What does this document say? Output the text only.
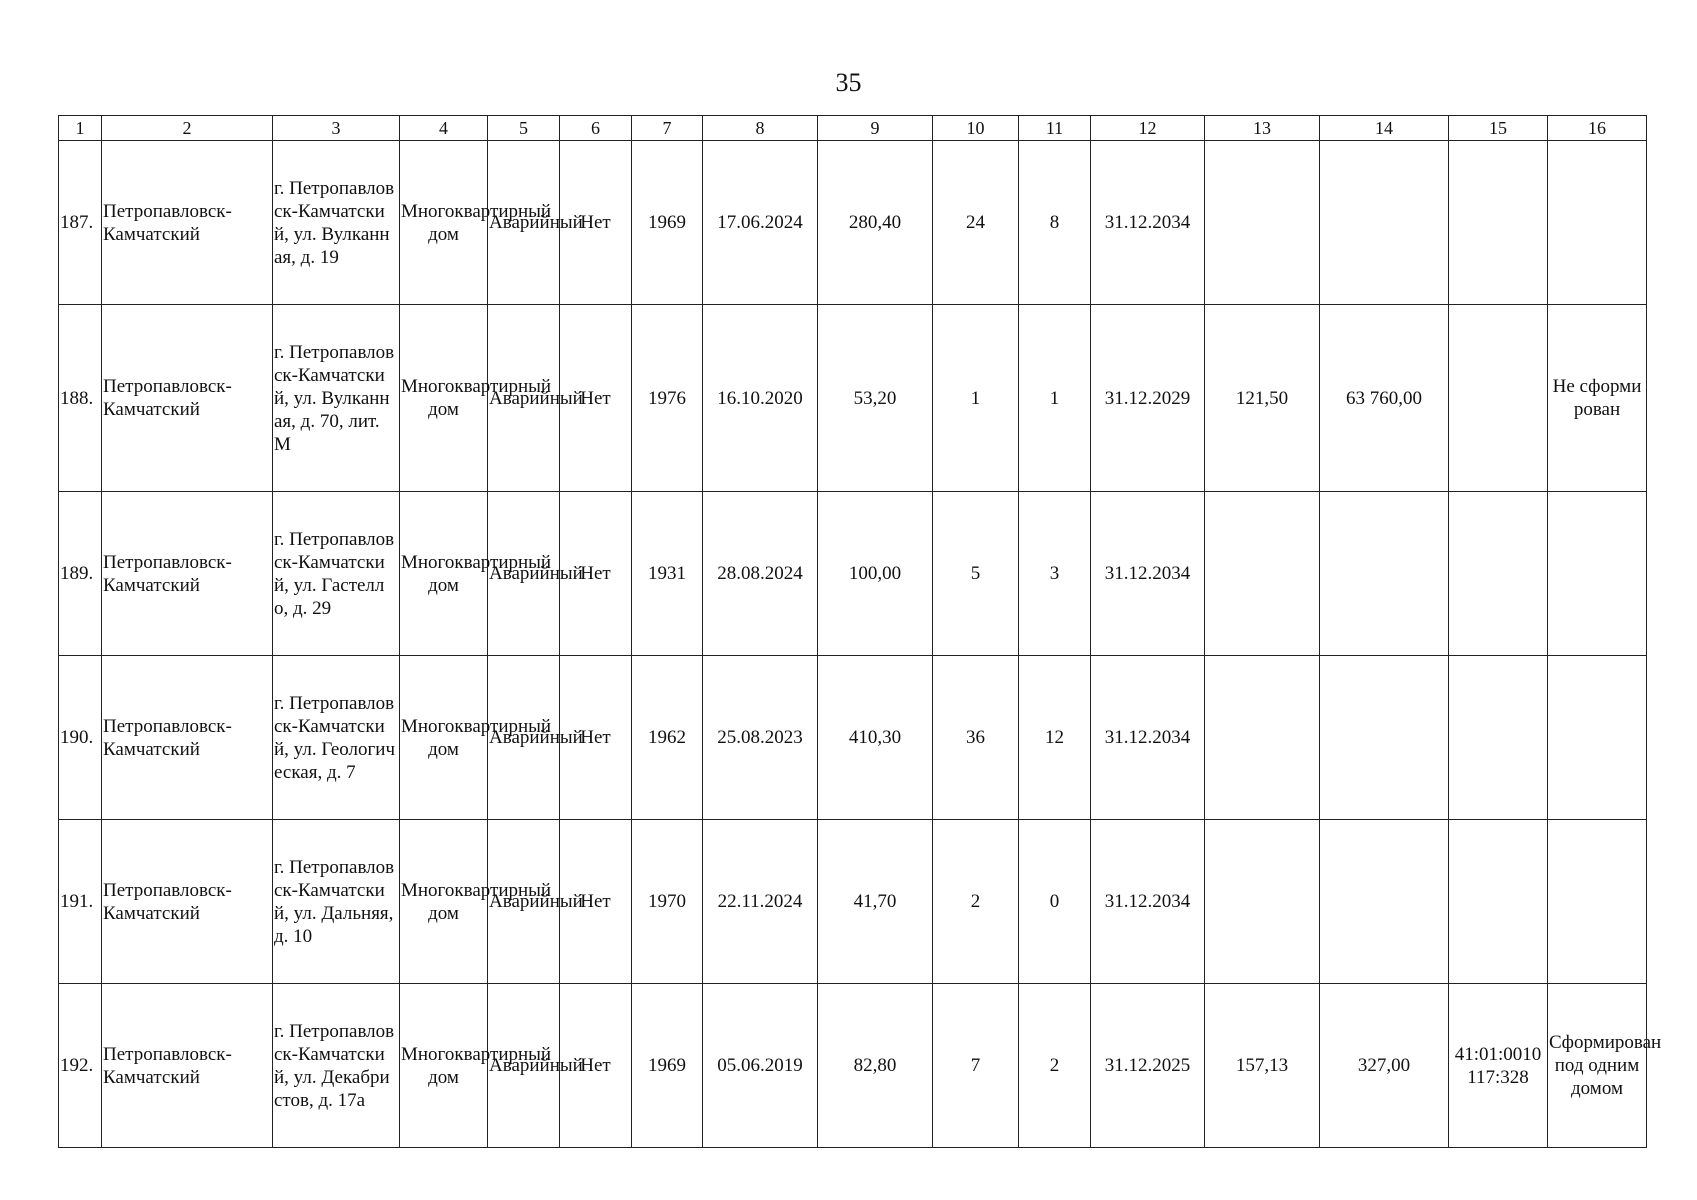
35
1	2	3	4	5	6	7	8	9	10	11	12	13	14	15	16
187.	Петропавловск-Камчатский	г. Петропавловск-Камчатский, ул. Вулканная, д. 19	Многоквартирный дом	Аварийный	Нет	1969	17.06.2024	280,40	24	8	31.12.2034				
188.	Петропавловск-Камчатский	г. Петропавловск-Камчатский, ул. Вулканная, д. 70, лит. М	Многоквартирный дом	Аварийный	Нет	1976	16.10.2020	53,20	1	1	31.12.2029	121,50	63 760,00		Не сформирован
189.	Петропавловск-Камчатский	г. Петропавловск-Камчатский, ул. Гастелло, д. 29	Многоквартирный дом	Аварийный	Нет	1931	28.08.2024	100,00	5	3	31.12.2034				
190.	Петропавловск-Камчатский	г. Петропавловск-Камчатский, ул. Геологическая, д. 7	Многоквартирный дом	Аварийный	Нет	1962	25.08.2023	410,30	36	12	31.12.2034				
191.	Петропавловск-Камчатский	г. Петропавловск-Камчатский, ул. Дальняя, д. 10	Многоквартирный дом	Аварийный	Нет	1970	22.11.2024	41,70	2	0	31.12.2034				
192.	Петропавловск-Камчатский	г. Петропавловск-Камчатский, ул. Декабристов, д. 17а	Многоквартирный дом	Аварийный	Нет	1969	05.06.2019	82,80	7	2	31.12.2025	157,13	327,00	41:01:0010117:328	Сформирован под одним домом
